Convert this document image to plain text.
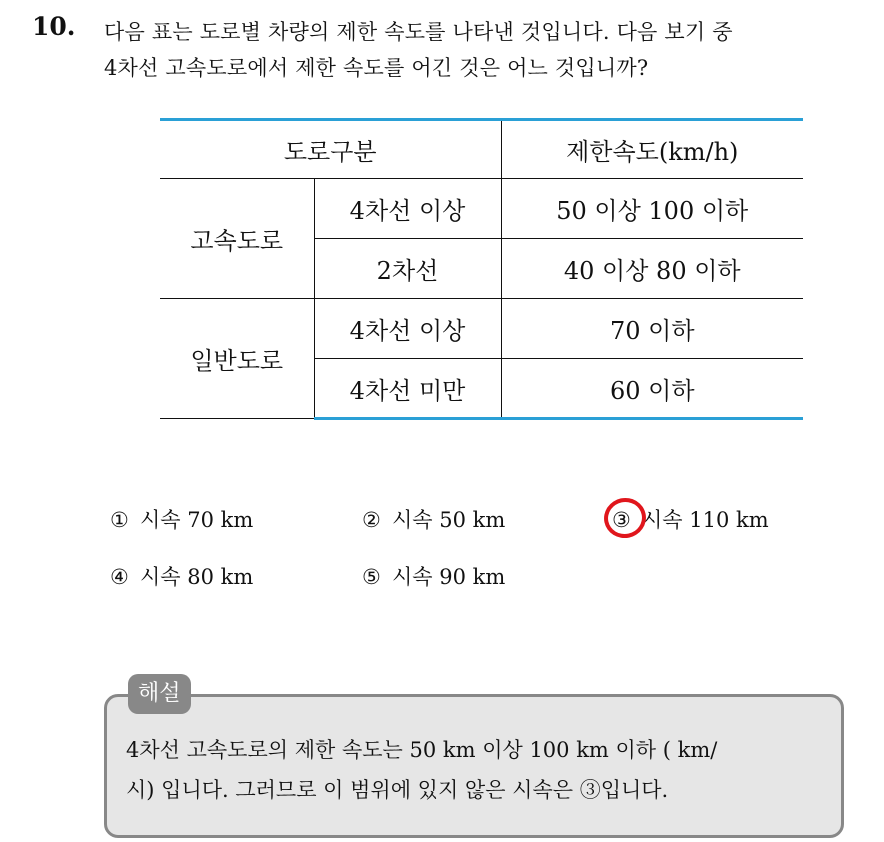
10. 다음 표는 도로별 차량의 제한 속도를 나타낸 것입니다. 다음 보기 중
4차선 고속도로에서 제한 속도를 어긴 것은 어느 것입니까?
도로구분		제한속도(km/h)
고속도로	4차선 이상	50 이상 100 이하
	2차선	40 이상 80 이하
일반도로	4차선 이상	70 이하
	4차선 미만	60 이하
① 시속 70 km	② 시속 50 km	③ 시속 110 km
④ 시속 80 km	⑤ 시속 90 km
해설
4차선 고속도로의 제한 속도는 50 km 이상 100 km 이하 ( km/
시) 입니다. 그러므로 이 범위에 있지 않은 시속은 ③입니다.
